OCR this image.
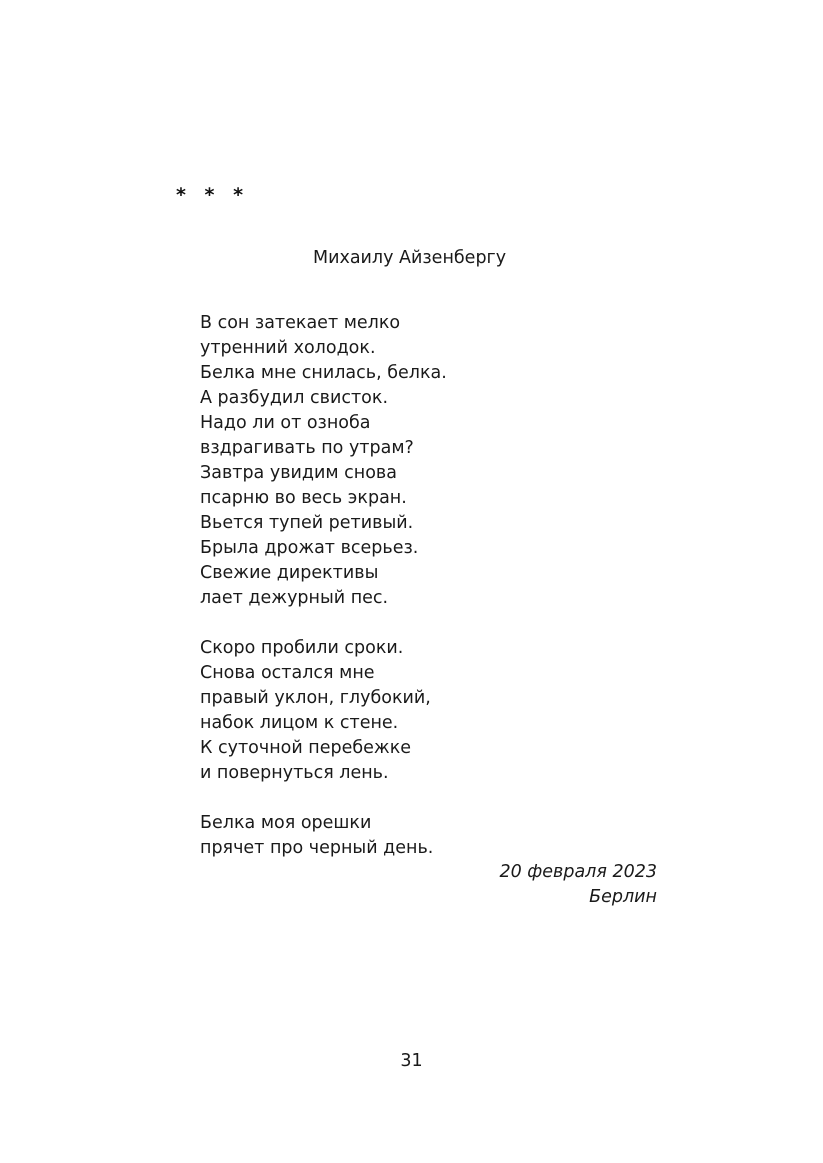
* * *
Михаилу Айзенбергу
В сон затекает мелко
утренний холодок.
Белка мне снилась, белка.
А разбудил свисток.
Надо ли от озноба
вздрагивать по утрам?
Завтра увидим снова
псарню во весь экран.
Вьется тупей ретивый.
Брыла дрожат всерьез.
Свежие директивы
лает дежурный пес.
Скоро пробили сроки.
Снова остался мне
правый уклон, глубокий,
набок лицом к стене.
К суточной перебежке
и повернуться лень.
Белка моя орешки
прячет про черный день.
20 февраля 2023
Берлин
31
